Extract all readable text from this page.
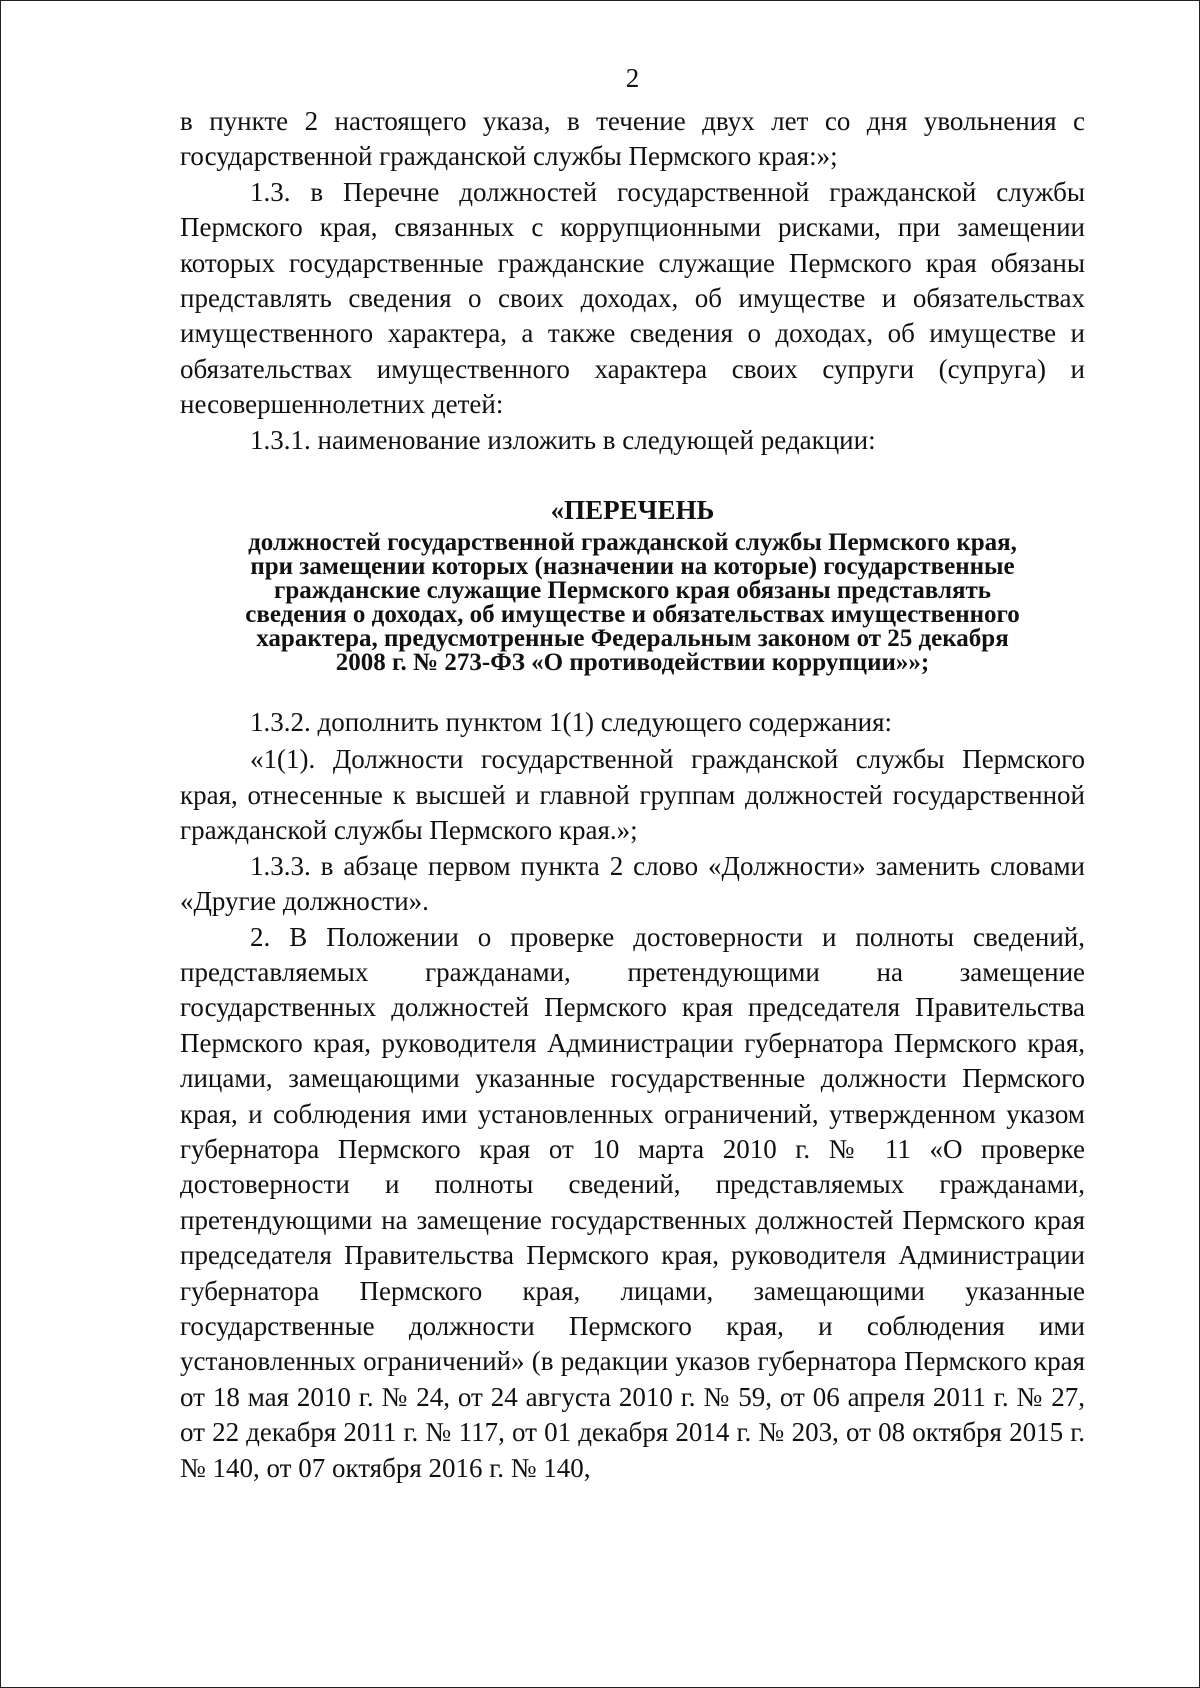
2

в пункте 2 настоящего указа, в течение двух лет со дня увольнения с государственной гражданской службы Пермского края:»;

1.3. в Перечне должностей государственной гражданской службы Пермского края, связанных с коррупционными рисками, при замещении которых государственные гражданские служащие Пермского края обязаны представлять сведения о своих доходах, об имуществе и обязательствах имущественного характера, а также сведения о доходах, об имуществе и обязательствах имущественного характера своих супруги (супруга) и несовершеннолетних детей:

1.3.1. наименование изложить в следующей редакции:

«ПЕРЕЧЕНЬ
должностей государственной гражданской службы Пермского края,
при замещении которых (назначении на которые) государственные
гражданские служащие Пермского края обязаны представлять
сведения о доходах, об имуществе и обязательствах имущественного
характера, предусмотренные Федеральным законом от 25 декабря
2008 г. № 273-ФЗ «О противодействии коррупции»»;

1.3.2. дополнить пунктом 1(1) следующего содержания:

«1(1). Должности государственной гражданской службы Пермского края, отнесенные к высшей и главной группам должностей государственной гражданской службы Пермского края.»;

1.3.3. в абзаце первом пункта 2 слово «Должности» заменить словами «Другие должности».

2. В Положении о проверке достоверности и полноты сведений, представляемых гражданами, претендующими на замещение государственных должностей Пермского края председателя Правительства Пермского края, руководителя Администрации губернатора Пермского края, лицами, замещающими указанные государственные должности Пермского края, и соблюдения ими установленных ограничений, утвержденном указом губернатора Пермского края от 10 марта 2010 г. № 11 «О проверке достоверности и полноты сведений, представляемых гражданами, претендующими на замещение государственных должностей Пермского края председателя Правительства Пермского края, руководителя Администрации губернатора Пермского края, лицами, замещающими указанные государственные должности Пермского края, и соблюдения ими установленных ограничений» (в редакции указов губернатора Пермского края от 18 мая 2010 г. № 24, от 24 августа 2010 г. № 59, от 06 апреля 2011 г. № 27, от 22 декабря 2011 г. № 117, от 01 декабря 2014 г. № 203, от 08 октября 2015 г. № 140, от 07 октября 2016 г. № 140,
